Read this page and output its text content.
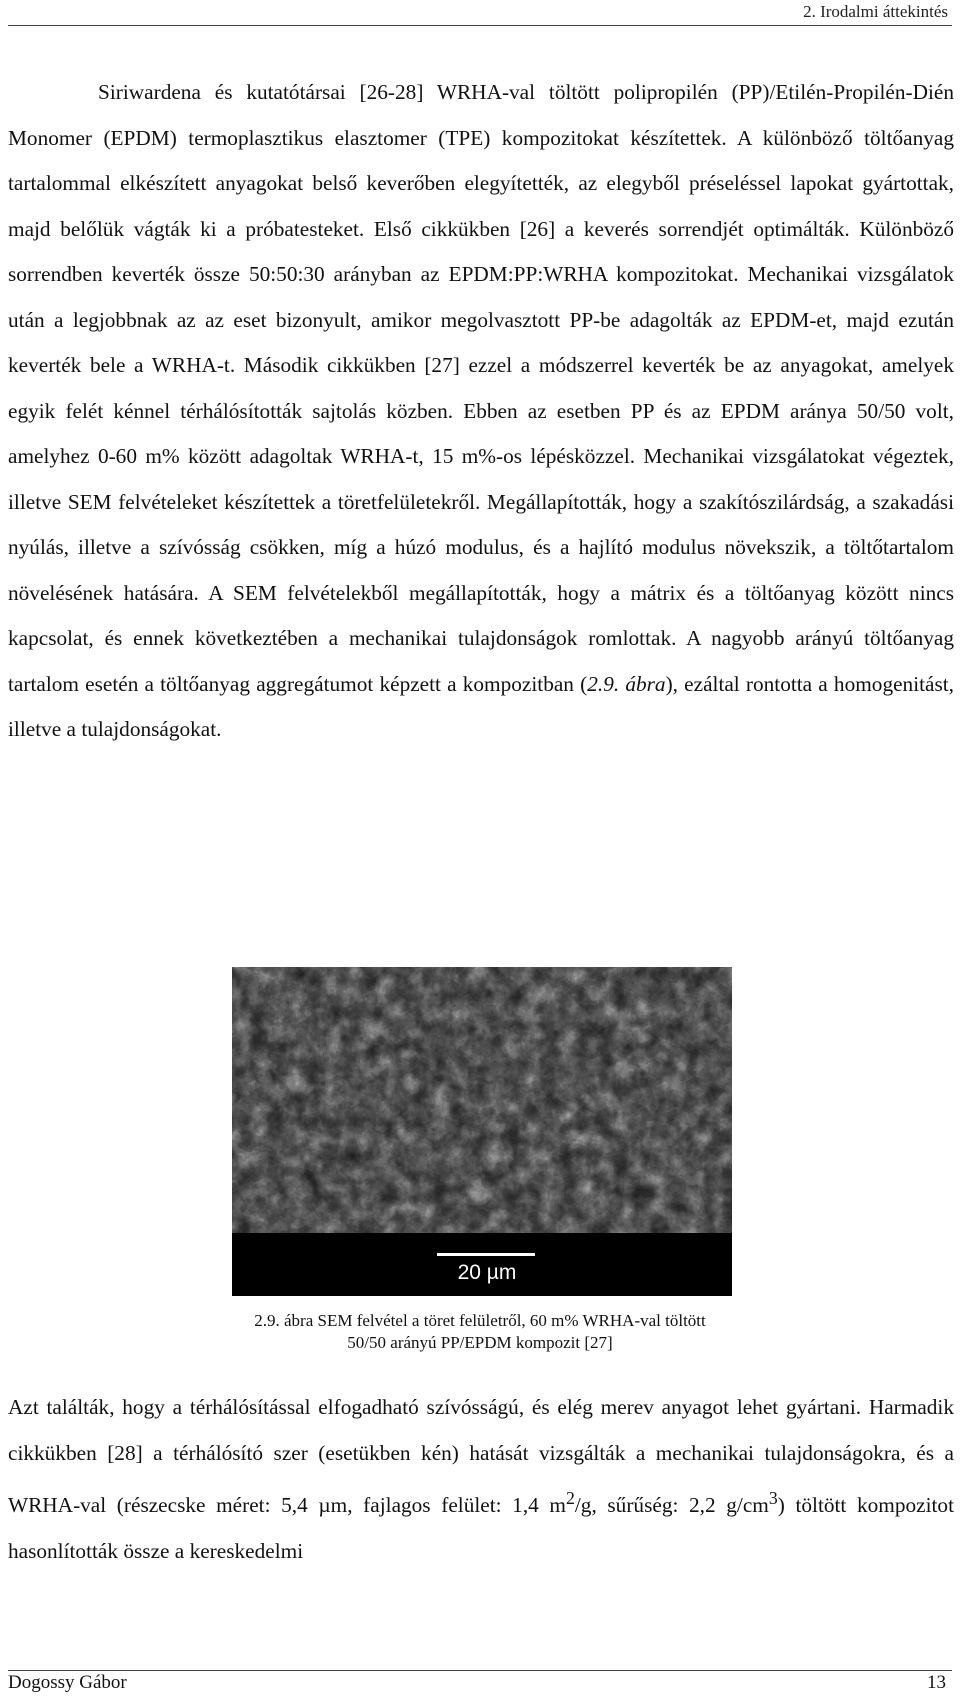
2. Irodalmi áttekintés

Siriwardena és kutatótársai [26-28] WRHA-val töltött polipropilén (PP)/Etilén-Propilén-Dién Monomer (EPDM) termoplasztikus elasztomer (TPE) kompozitokat készítettek. A különböző töltőanyag tartalommal elkészített anyagokat belső keverőben elegyítették, az elegyből préseléssel lapokat gyártottak, majd belőlük vágták ki a próbatesteket. Első cikkükben [26] a keverés sorrendjét optimálták. Különböző sorrendben keverték össze 50:50:30 arányban az EPDM:PP:WRHA kompozitokat. Mechanikai vizsgálatok után a legjobbnak az az eset bizonyult, amikor megolvasztott PP-be adagolták az EPDM-et, majd ezután keverték bele a WRHA-t. Második cikkükben [27] ezzel a módszerrel keverték be az anyagokat, amelyek egyik felét kénnel térhálósították sajtolás közben. Ebben az esetben PP és az EPDM aránya 50/50 volt, amelyhez 0-60 m% között adagoltak WRHA-t, 15 m%-os lépésközzel. Mechanikai vizsgálatokat végeztek, illetve SEM felvételeket készítettek a töretfelületekről. Megállapították, hogy a szakítószilárdság, a szakadási nyúlás, illetve a szívósság csökken, míg a húzó modulus, és a hajlító modulus növekszik, a töltőtartalom növelésének hatására. A SEM felvételekből megállapították, hogy a mátrix és a töltőanyag között nincs kapcsolat, és ennek következtében a mechanikai tulajdonságok romlottak. A nagyobb arányú töltőanyag tartalom esetén a töltőanyag aggregátumot képzett a kompozitban (2.9. ábra), ezáltal rontotta a homogenitást, illetve a tulajdonságokat.

20 µm
2.9. ábra SEM felvétel a töret felületről, 60 m% WRHA-val töltött
50/50 arányú PP/EPDM kompozit [27]

Azt találták, hogy a térhálósítással elfogadható szívósságú, és elég merev anyagot lehet gyártani. Harmadik cikkükben [28] a térhálósító szer (esetükben kén) hatását vizsgálták a mechanikai tulajdonságokra, és a WRHA-val (részecske méret: 5,4 µm, fajlagos felület: 1,4 $m^2/g$, sűrűség: 2,2 $g/cm^3$) töltött kompozitot hasonlították össze a kereskedelmi

Dogossy Gábor	13
